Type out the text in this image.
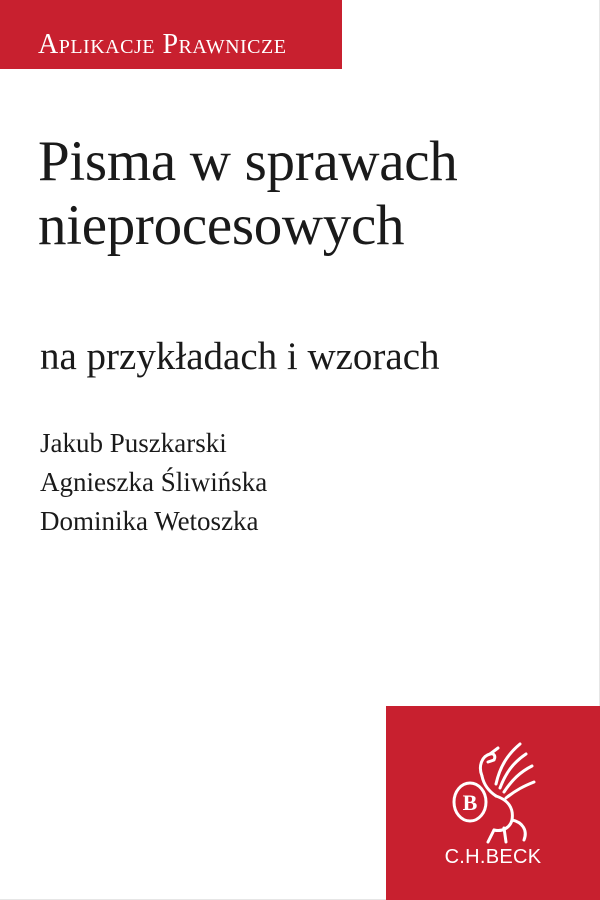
Aplikacje Prawnicze
Pisma w sprawach
nieprocesowych
na przykładach i wzorach
Jakub Puszkarski
Agnieszka Śliwińska
Dominika Wetoszka
B
C.H.BECK
